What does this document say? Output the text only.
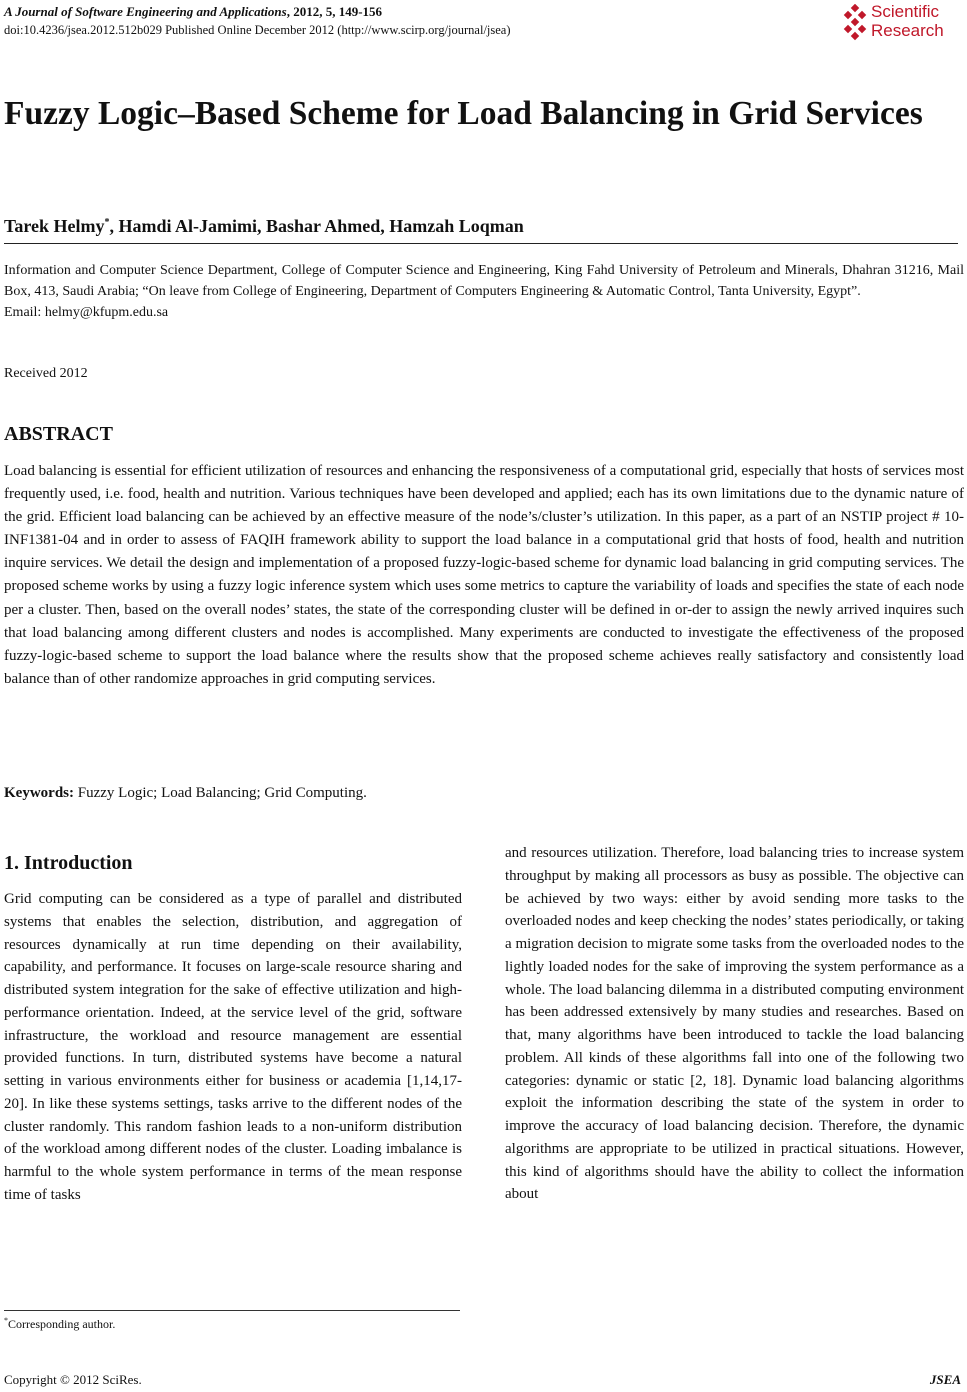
A Journal of Software Engineering and Applications, 2012, 5, 149-156
doi:10.4236/jsea.2012.512b029 Published Online December 2012 (http://www.scirp.org/journal/jsea)
Scientific
Research
Fuzzy Logic–Based Scheme for Load Balancing in Grid Services
Tarek Helmy*, Hamdi Al-Jamimi, Bashar Ahmed, Hamzah Loqman
Information and Computer Science Department, College of Computer Science and Engineering, King Fahd University of Petroleum and Minerals, Dhahran 31216, Mail Box, 413, Saudi Arabia; “On leave from College of Engineering, Department of Computers Engineering & Automatic Control, Tanta University, Egypt”.
Email: helmy@kfupm.edu.sa
Received 2012
ABSTRACT

Load balancing is essential for efficient utilization of resources and enhancing the responsiveness of a computational grid, especially that hosts of services most frequently used, i.e. food, health and nutrition. Various techniques have been developed and applied; each has its own limitations due to the dynamic nature of the grid. Efficient load balancing can be achieved by an effective measure of the node’s/cluster’s utilization. In this paper, as a part of an NSTIP project # 10-INF1381-04 and in order to assess of FAQIH framework ability to support the load balance in a computational grid that hosts of food, health and nutrition inquire services. We detail the design and implementation of a proposed fuzzy-logic-based scheme for dynamic load balancing in grid computing services. The proposed scheme works by using a fuzzy logic inference system which uses some metrics to capture the variability of loads and specifies the state of each node per a cluster. Then, based on the overall nodes’ states, the state of the corresponding cluster will be defined in or-der to assign the newly arrived inquires such that load balancing among different clusters and nodes is accomplished. Many experiments are conducted to investigate the effectiveness of the proposed fuzzy-logic-based scheme to support the load balance where the results show that the proposed scheme achieves really satisfactory and consistently load balance than of other randomize approaches in grid computing services.

Keywords: Fuzzy Logic; Load Balancing; Grid Computing.
1. Introduction
Grid computing can be considered as a type of parallel and distributed systems that enables the selection, distribution, and aggregation of resources dynamically at run time depending on their availability, capability, and performance. It focuses on large-scale resource sharing and distributed system integration for the sake of effective utilization and high-performance orientation. Indeed, at the service level of the grid, software infrastructure, the workload and resource management are essential provided functions. In turn, distributed systems have become a natural setting in various environments either for business or academia [1,14,17-20]. In like these systems settings, tasks arrive to the different nodes of the cluster randomly. This random fashion leads to a non-uniform distribution of the workload among different nodes of the cluster. Loading imbalance is harmful to the whole system performance in terms of the mean response time of tasks
and resources utilization. Therefore, load balancing tries to increase system throughput by making all processors as busy as possible. The objective can be achieved by two ways: either by avoid sending more tasks to the overloaded nodes and keep checking the nodes’ states periodically, or taking a migration decision to migrate some tasks from the overloaded nodes to the lightly loaded nodes for the sake of improving the system performance as a whole. The load balancing dilemma in a distributed computing environment has been addressed extensively by many studies and researches. Based on that, many algorithms have been introduced to tackle the load balancing problem. All kinds of these algorithms fall into one of the following two categories: dynamic or static [2, 18]. Dynamic load balancing algorithms exploit the information describing the state of the system in order to improve the accuracy of load balancing decision. Therefore, the dynamic algorithms are appropriate to be utilized in practical situations. However, this kind of algorithms should have the ability to collect the information about
*Corresponding author.
Copyright © 2012 SciRes.	JSEA
